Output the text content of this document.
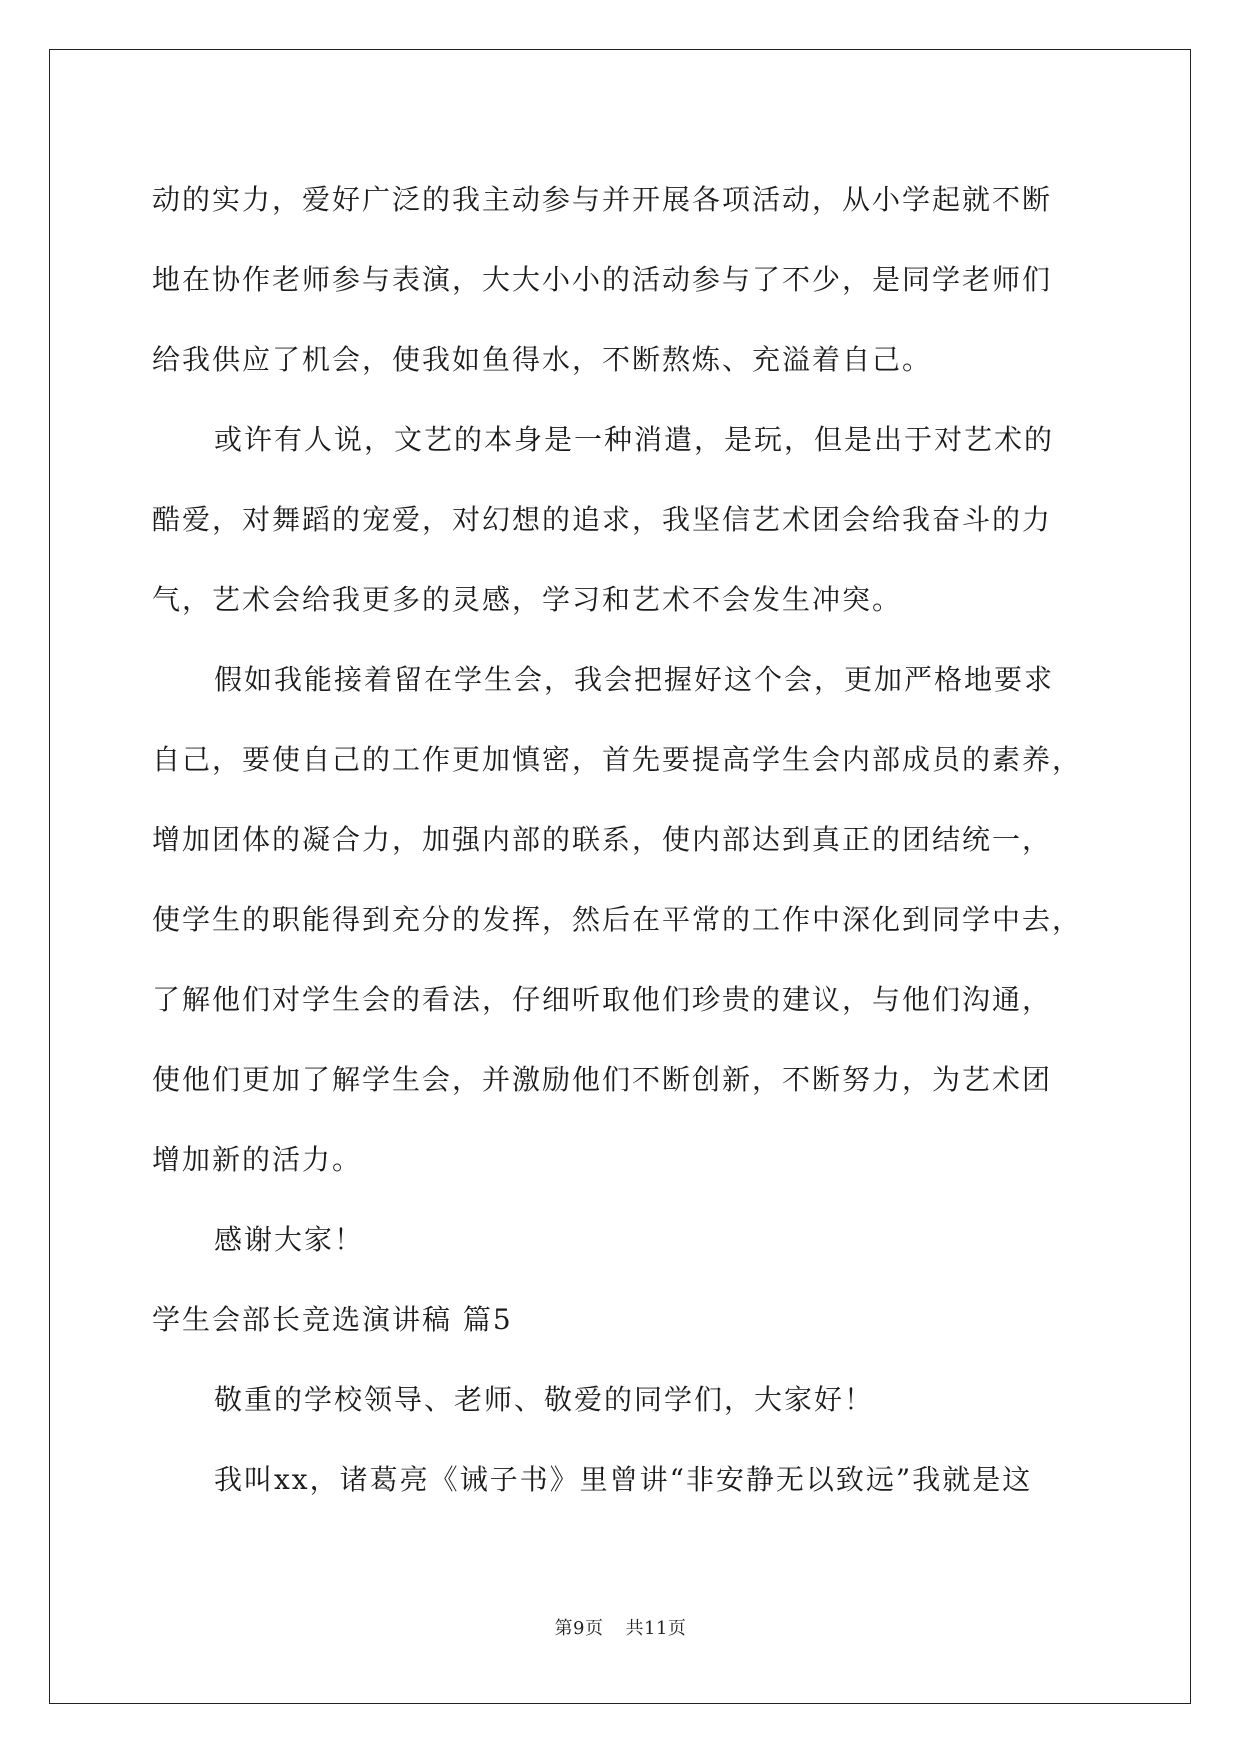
动的实力，爱好广泛的我主动参与并开展各项活动，从小学起就不断
地在协作老师参与表演，大大小小的活动参与了不少，是同学老师们
给我供应了机会，使我如鱼得水，不断熬炼、充溢着自己。
或许有人说，文艺的本身是一种消遣，是玩，但是出于对艺术的
酷爱，对舞蹈的宠爱，对幻想的追求，我坚信艺术团会给我奋斗的力
气，艺术会给我更多的灵感，学习和艺术不会发生冲突。
假如我能接着留在学生会，我会把握好这个会，更加严格地要求
自己，要使自己的工作更加慎密，首先要提高学生会内部成员的素养，
增加团体的凝合力，加强内部的联系，使内部达到真正的团结统一，
使学生的职能得到充分的发挥，然后在平常的工作中深化到同学中去，
了解他们对学生会的看法，仔细听取他们珍贵的建议，与他们沟通，
使他们更加了解学生会，并激励他们不断创新，不断努力，为艺术团
增加新的活力。
感谢大家！
学生会部长竞选演讲稿 篇5
敬重的学校领导、老师、敬爱的同学们，大家好！
我叫xx，诸葛亮《诫子书》里曾讲“非安静无以致远”我就是这
第9页 共11页
